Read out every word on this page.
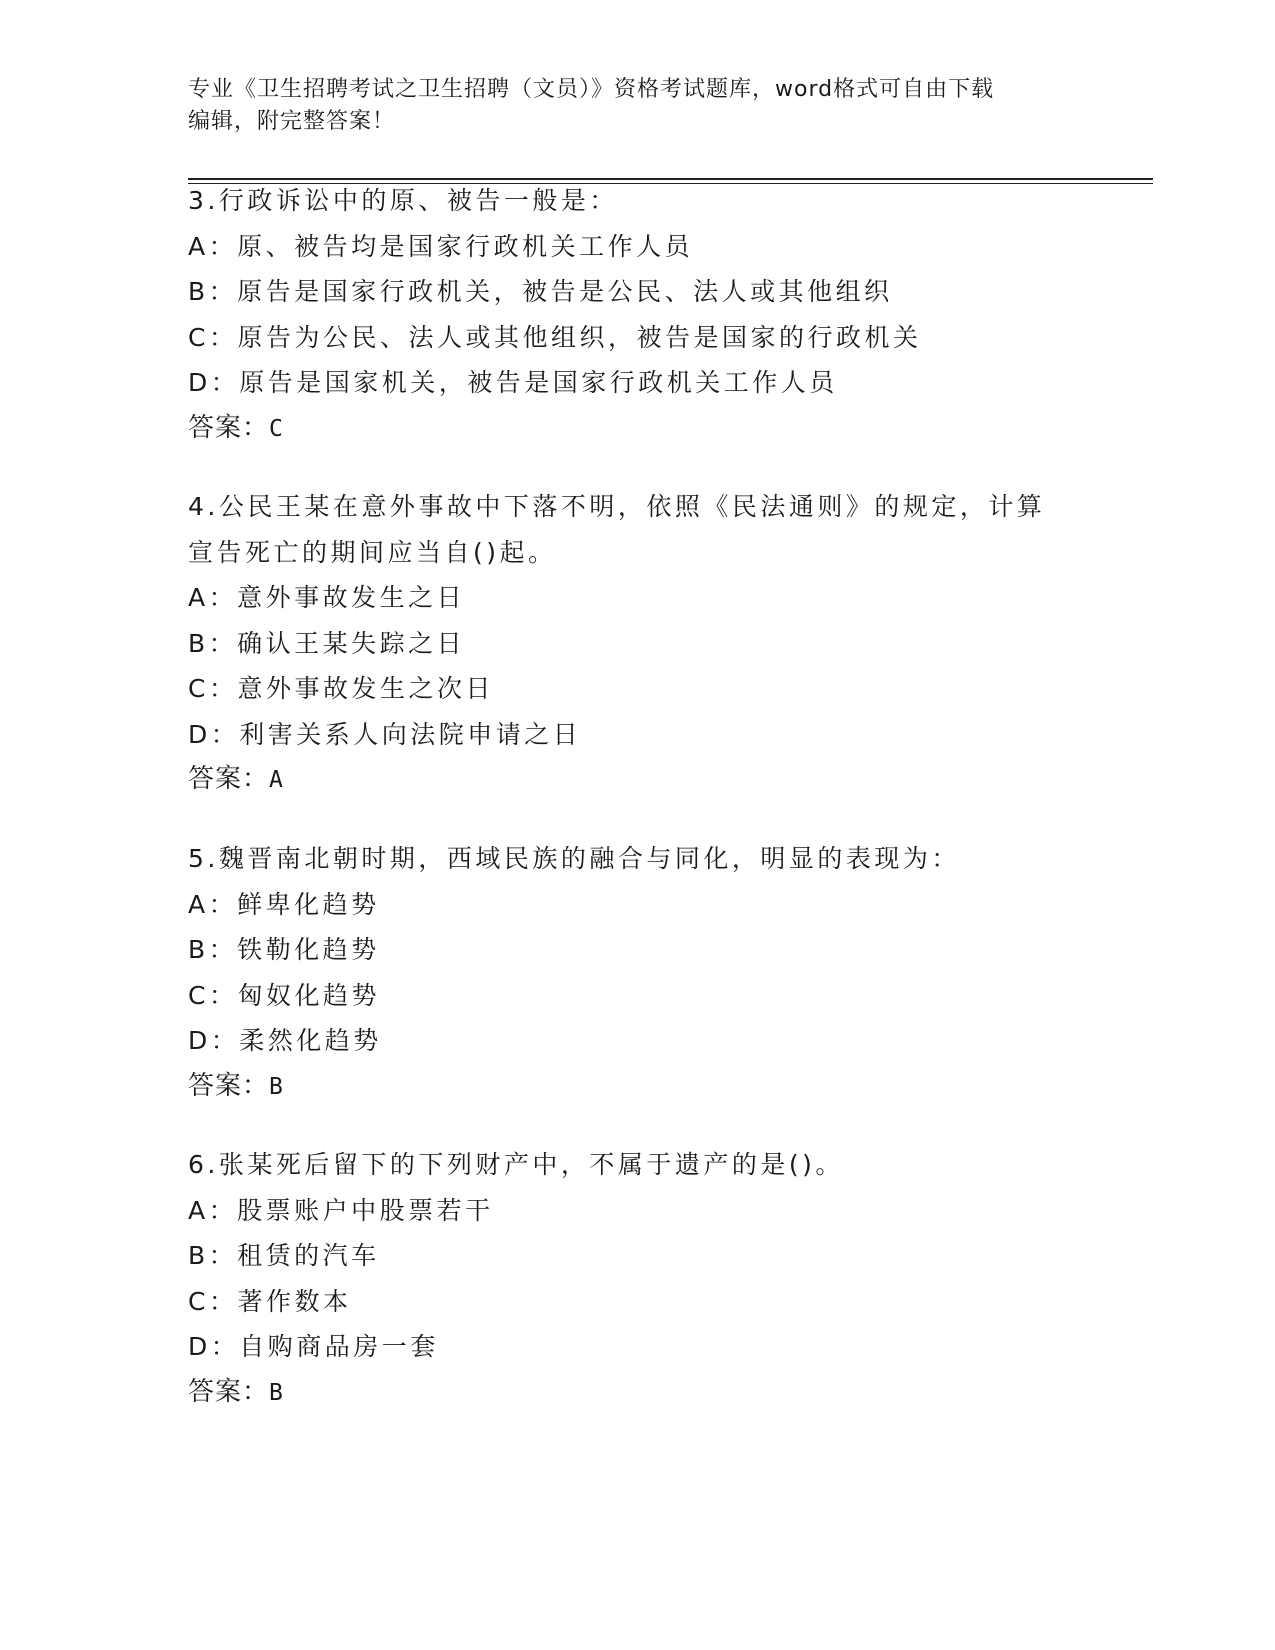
专业《卫生招聘考试之卫生招聘（文员）》资格考试题库，word格式可自由下载
编辑，附完整答案！
3.行政诉讼中的原、被告一般是：
A：原、被告均是国家行政机关工作人员
B：原告是国家行政机关，被告是公民、法人或其他组织
C：原告为公民、法人或其他组织，被告是国家的行政机关
D：原告是国家机关，被告是国家行政机关工作人员
答案：C
4.公民王某在意外事故中下落不明，依照《民法通则》的规定，计算
宣告死亡的期间应当自()起。
A：意外事故发生之日
B：确认王某失踪之日
C：意外事故发生之次日
D：利害关系人向法院申请之日
答案：A
5.魏晋南北朝时期，西域民族的融合与同化，明显的表现为：
A：鲜卑化趋势
B：铁勒化趋势
C：匈奴化趋势
D：柔然化趋势
答案：B
6.张某死后留下的下列财产中，不属于遗产的是()。
A：股票账户中股票若干
B：租赁的汽车
C：著作数本
D：自购商品房一套
答案：B
